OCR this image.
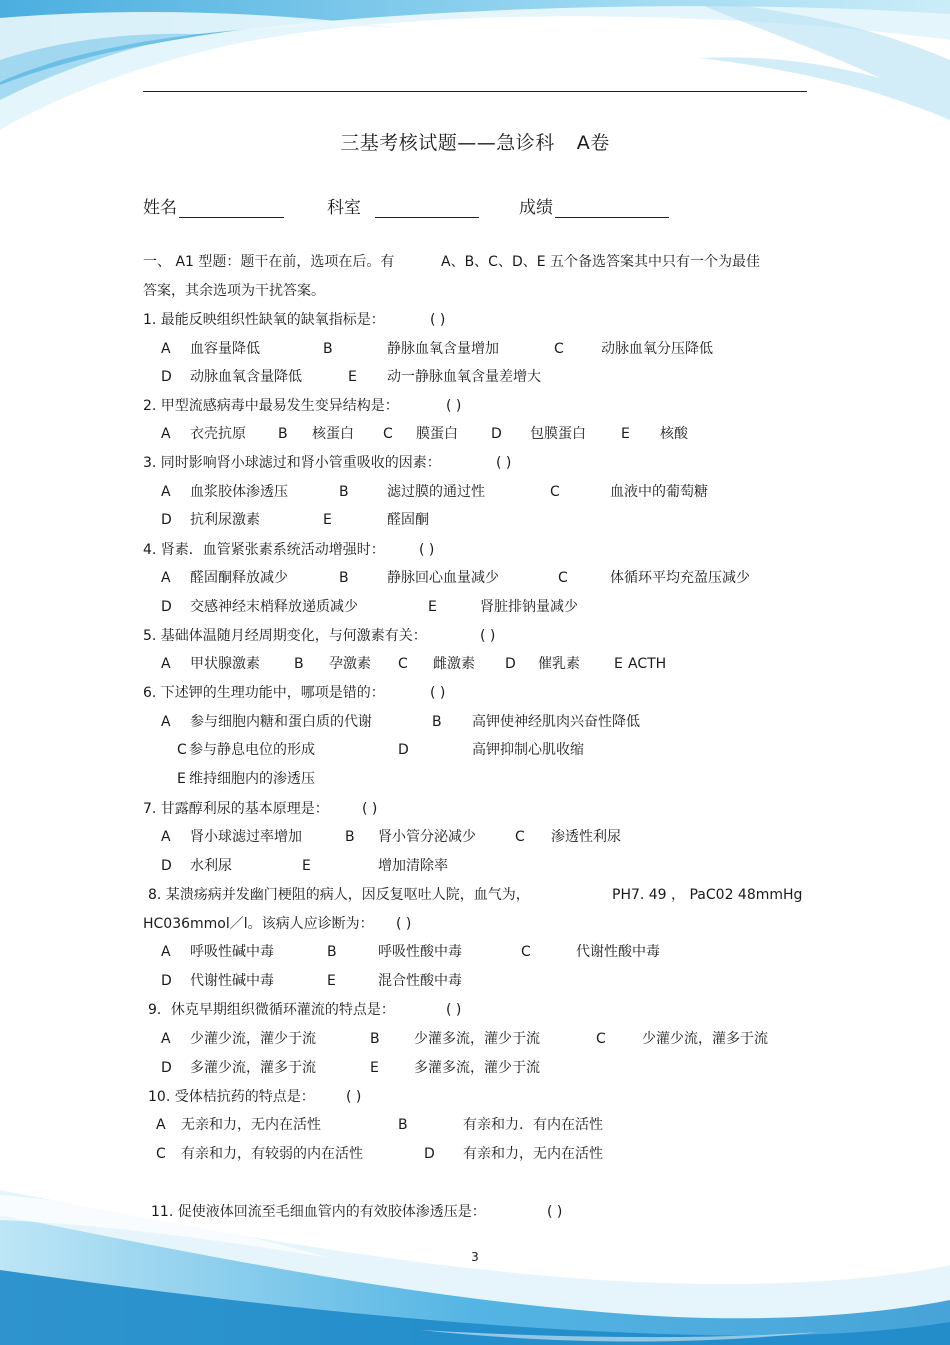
三基考核试题——急诊科 A卷
姓名	科室	成绩
一、 A1 型题：题干在前，选项在后。有	A、B、C、D、E 五个备选答案其中只有一个为最佳
答案，其余选项为干扰答案。
1. 最能反映组织性缺氧的缺氧指标是：	( )
A 血容量降低	B	静脉血氧含量增加	C	动脉血氧分压降低
D 动脉血氧含量降低	E 动一静脉血氧含量差增大
2. 甲型流感病毒中最易发生变异结构是：	( )
A 衣壳抗原 B 核蛋白 C 膜蛋白 D 包膜蛋白	E 核酸
3. 同时影响肾小球滤过和肾小管重吸收的因素：	( )
A 血浆胶体渗透压	B	滤过膜的通过性	C	血液中的葡萄糖
D 抗利尿激素	E	醛固酮
4. 肾素．血管紧张素系统活动增强时： ( )
A 醛固酮释放减少	B	静脉回心血量减少	C	体循环平均充盈压减少
D 交感神经末梢释放递质减少	E	肾脏排钠量减少
5. 基础体温随月经周期变化，与何激素有关：	( )
A 甲状腺激素 B 孕激素 C 雌激素 D 催乳素 E ACTH
6. 下述钾的生理功能中，哪项是错的：	( )
A 参与细胞内糖和蛋白质的代谢	B 高钾使神经肌肉兴奋性降低
C 参与静息电位的形成	D	高钾抑制心肌收缩
E 维持细胞内的渗透压
7. 甘露醇利尿的基本原理是： ( )
A 肾小球滤过率增加	B 肾小管分泌减少	C 渗透性利尿
D 水利尿	E	增加清除率
8. 某溃疡病并发幽门梗阻的病人，因反复呕吐人院，血气为，	PH7. 49 ， PaC02 48mmHg
HC036mmol／l。该病人应诊断为： ( )
A 呼吸性碱中毒	B	呼吸性酸中毒	C	代谢性酸中毒
D 代谢性碱中毒	E	混合性酸中毒
9．休克早期组织微循环灌流的特点是：	( )
A 少灌少流，灌少于流	B 少灌多流，灌少于流	C	少灌少流，灌多于流
D 多灌少流，灌多于流	E	多灌多流，灌少于流
10. 受体桔抗药的特点是： ( )
A 无亲和力，无内在活性	B	有亲和力．有内在活性
C 有亲和力，有较弱的内在活性	D 有亲和力，无内在活性
11. 促使液体回流至毛细血管内的有效胶体渗透压是：	( )
3
